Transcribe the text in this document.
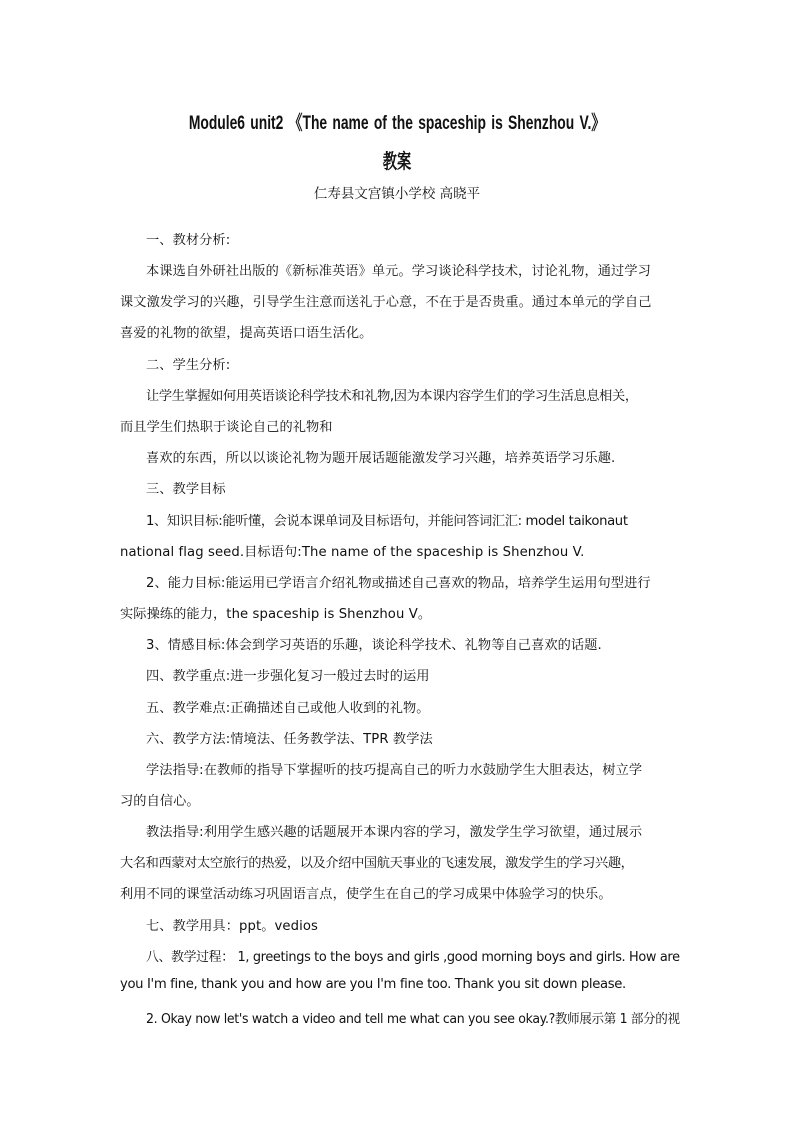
Module6 unit2 《The name of the spaceship is Shenzhou V.》
教案
仁寿县文宫镇小学校 高晓平
一、教材分析:
本课选自外研社出版的《新标准英语》单元。学习谈论科学技术，讨论礼物，通过学习
课文激发学习的兴趣，引导学生注意而送礼于心意，不在于是否贵重。通过本单元的学自己
喜爱的礼物的欲望，提高英语口语生活化。
二、学生分析:
让学生掌握如何用英语谈论科学技术和礼物,因为本课内容学生们的学习生活息息相关，
而且学生们热职于谈论自己的礼物和
喜欢的东西，所以以谈论礼物为题开展话题能激发学习兴趣，培养英语学习乐趣.
三、教学目标
1、知识目标:能听懂，会说本课单词及目标语句，并能问答词汇汇: model taikonaut
national flag seed.目标语句:The name of the spaceship is Shenzhou V.
2、能力目标:能运用已学语言介绍礼物或描述自己喜欢的物品，培养学生运用句型进行
实际操练的能力，the spaceship is Shenzhou V。
3、情感目标:体会到学习英语的乐趣，谈论科学技术、礼物等自己喜欢的话题.
四、教学重点:进一步强化复习一般过去时的运用
五、教学难点:正确描述自己或他人收到的礼物。
六、教学方法:情境法、任务教学法、TPR 教学法
学法指导:在教师的指导下掌握听的技巧提高自己的听力水鼓励学生大胆表达，树立学
习的自信心。
教法指导:利用学生感兴趣的话题展开本课内容的学习，激发学生学习欲望，通过展示
大名和西蒙对太空旅行的热爱，以及介绍中国航天事业的飞速发展，激发学生的学习兴趣，
利用不同的课堂活动练习巩固语言点，使学生在自己的学习成果中体验学习的快乐。
七、教学用具：ppt。vedios
八、教学过程： 1, greetings to the boys and girls ,good morning boys and girls. How are
you I'm fine, thank you and how are you I'm fine too. Thank you sit down please.
2. Okay now let's watch a video and tell me what can you see okay.?教师展示第 1 部分的视
